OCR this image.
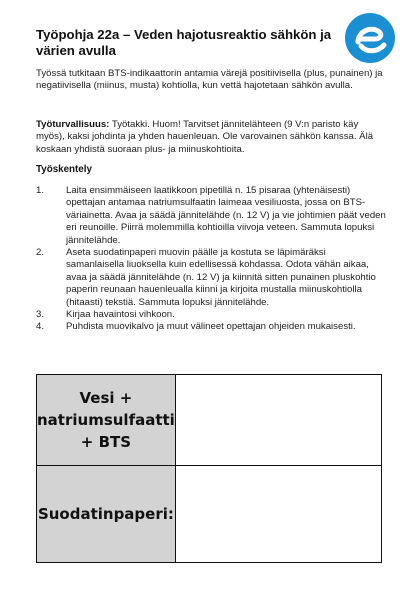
Työpohja 22a – Veden hajotusreaktio sähkön ja värien avulla

Työssä tutkitaan BTS-indikaattorin antamia värejä positiivisella (plus, punainen) ja negatiivisella (miinus, musta) kohtiolla, kun vettä hajotetaan sähkön avulla.

Työturvallisuus: Työtakki. Huom! Tarvitset jännitelähteen (9 V:n paristo käy myös), kaksi johdinta ja yhden hauenleuan. Ole varovainen sähkön kanssa. Älä koskaan yhdistä suoraan plus- ja miinuskohtioita.

Työskentely
1.	Laita ensimmäiseen laatikkoon pipetillä n. 15 pisaraa (yhtenäisesti) opettajan antamaa natriumsulfaatin laimeaa vesiliuosta, jossa on BTS-väriainetta. Avaa ja säädä jännitelähde (n. 12 V) ja vie johtimien päät veden eri reunoille. Piirrä molemmilla kohtioilla viivoja veteen. Sammuta lopuksi jännitelähde.
2.	Aseta suodatinpaperi muovin päälle ja kostuta se läpimäräksi samanlaisella liuoksella kuin edellisessä kohdassa. Odota vähän aikaa, avaa ja säädä jännitelähde (n. 12 V) ja kiinnitä sitten punainen pluskohtio paperin reunaan hauenleualla kiinni ja kirjoita mustalla miinuskohtiolla (hitaasti) tekstiä. Sammuta lopuksi jännitelähde.
3.	Kirjaa havaintosi vihkoon.
4.	Puhdista muovikalvo ja muut välineet opettajan ohjeiden mukaisesti.
Vesi + natriumsulfaatti + BTS	
Suodatinpaperi:	
